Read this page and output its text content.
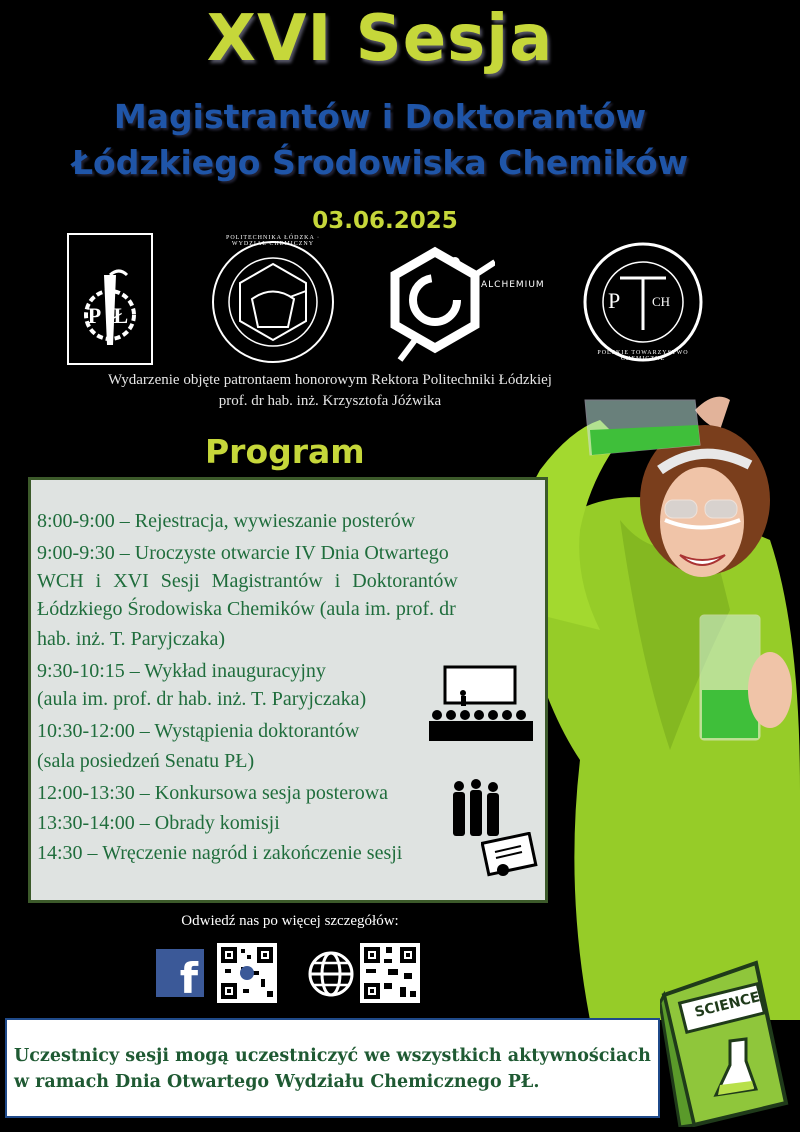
XVI Sesja
Magistrantów i Doktorantów
Łódzkiego Środowiska Chemików
03.06.2025
P Ł
POLITECHNIKA ŁÓDZKA · WYDZIAŁ CHEMICZNY
ALCHEMIUM
P CH
POLSKIE TOWARZYSTWO CHEMICZNE
Wydarzenie objęte patrontaem honorowym Rektora Politechniki Łódzkiej
prof. dr hab. inż. Krzysztofa Jóźwika
Program
8:00-9:00 – Rejestracja, wywieszanie posterów
9:00-9:30 – Uroczyste otwarcie IV Dnia Otwartego
WCH i XVI Sesji Magistrantów i Doktorantów
Łódzkiego Środowiska Chemików (aula im. prof. dr
hab. inż. T. Paryjczaka)
9:30-10:15 – Wykład inauguracyjny
(aula im. prof. dr hab. inż. T. Paryjczaka)
10:30-12:00 – Wystąpienia doktorantów
(sala posiedzeń Senatu PŁ)
12:00-13:30 – Konkursowa sesja posterowa
13:30-14:00 – Obrady komisji
14:30 – Wręczenie nagród i zakończenie sesji
Odwiedź nas po więcej szczegółów:
f
Uczestnicy sesji mogą uczestniczyć we wszystkich aktywnościach
w ramach Dnia Otwartego Wydziału Chemicznego PŁ.
SCIENCE
